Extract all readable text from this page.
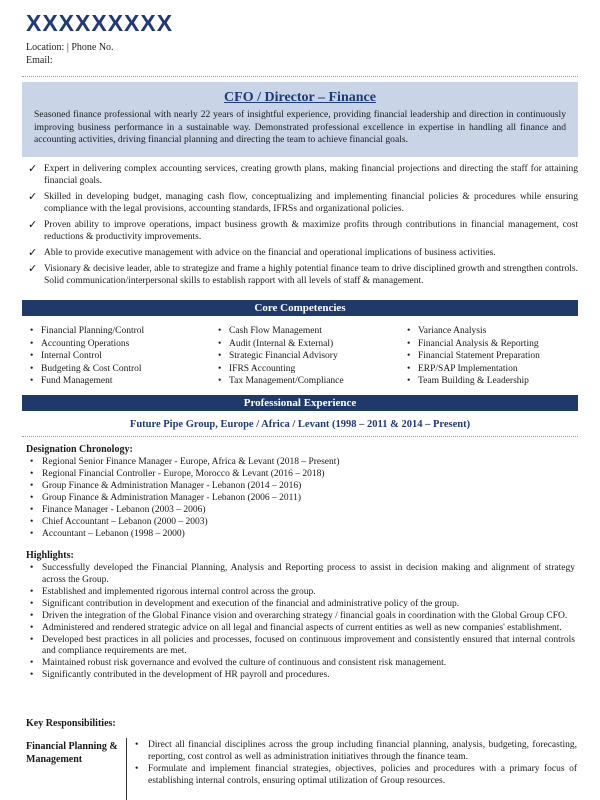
XXXXXXXXX
Location: | Phone No.
Email:
CFO / Director – Finance
Seasoned finance professional with nearly 22 years of insightful experience, providing financial leadership and direction in continuously improving business performance in a sustainable way. Demonstrated professional excellence in expertise in handling all finance and accounting activities, driving financial planning and directing the team to achieve financial goals.
✓ Expert in delivering complex accounting services, creating growth plans, making financial projections and directing the staff for attaining financial goals.
✓ Skilled in developing budget, managing cash flow, conceptualizing and implementing financial policies & procedures while ensuring compliance with the legal provisions, accounting standards, IFRSs and organizational policies.
✓ Proven ability to improve operations, impact business growth & maximize profits through contributions in financial management, cost reductions & productivity improvements.
✓ Able to provide executive management with advice on the financial and operational implications of business activities.
✓ Visionary & decisive leader, able to strategize and frame a highly potential finance team to drive disciplined growth and strengthen controls. Solid communication/interpersonal skills to establish rapport with all levels of staff & management.
Core Competencies
• Financial Planning/Control
• Accounting Operations
• Internal Control
• Budgeting & Cost Control
• Fund Management
• Cash Flow Management
• Audit (Internal & External)
• Strategic Financial Advisory
• IFRS Accounting
• Tax Management/Compliance
• Variance Analysis
• Financial Analysis & Reporting
• Financial Statement Preparation
• ERP/SAP Implementation
• Team Building & Leadership
Professional Experience
Future Pipe Group, Europe / Africa / Levant (1998 – 2011 & 2014 – Present)
Designation Chronology:
• Regional Senior Finance Manager - Europe, Africa & Levant (2018 – Present)
• Regional Financial Controller - Europe, Morocco & Levant (2016 – 2018)
• Group Finance & Administration Manager - Lebanon (2014 – 2016)
• Group Finance & Administration Manager - Lebanon (2006 – 2011)
• Finance Manager - Lebanon (2003 – 2006)
• Chief Accountant – Lebanon (2000 – 2003)
• Accountant – Lebanon (1998 – 2000)
Highlights:
• Successfully developed the Financial Planning, Analysis and Reporting process to assist in decision making and alignment of strategy across the Group.
• Established and implemented rigorous internal control across the group.
• Significant contribution in development and execution of the financial and administrative policy of the group.
• Driven the integration of the Global Finance vision and overarching strategy / financial goals in coordination with the Global Group CFO.
• Administered and rendered strategic advice on all legal and financial aspects of current entities as well as new companies' establishment.
• Developed best practices in all policies and processes, focused on continuous improvement and consistently ensured that internal controls and compliance requirements are met.
• Maintained robust risk governance and evolved the culture of continuous and consistent risk management.
• Significantly contributed in the development of HR payroll and procedures.
Key Responsibilities:
Financial Planning & Management
• Direct all financial disciplines across the group including financial planning, analysis, budgeting, forecasting, reporting, cost control as well as administration initiatives through the finance team.
• Formulate and implement financial strategies, objectives, policies and procedures with a primary focus of establishing internal controls, ensuring optimal utilization of Group resources.
